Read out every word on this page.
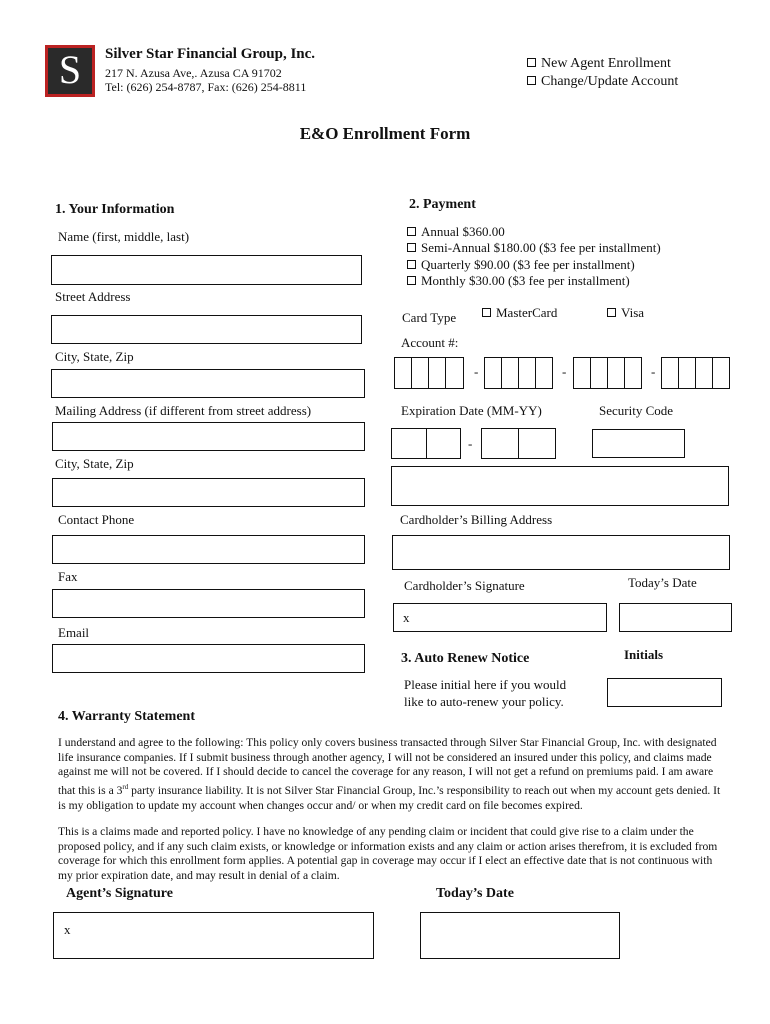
S	Silver Star Financial Group, Inc.
217 N. Azusa Ave,. Azusa CA 91702
Tel: (626) 254-8787, Fax: (626) 254-8811
New Agent Enrollment
Change/Update Account
E&O Enrollment Form
1. Your Information
Name (first, middle, last)
Street Address
City, State, Zip
Mailing Address (if different from street address)
City, State, Zip
Contact Phone
Fax
Email
2. Payment
Annual $360.00
Semi-Annual $180.00 ($3 fee per installment)
Quarterly $90.00 ($3 fee per installment)
Monthly $30.00 ($3 fee per installment)
Card Type	MasterCard	Visa
Account #:
-	-	-
Expiration Date (MM-YY)	Security Code
-
Cardholder’s Billing Address
Cardholder’s Signature	Today’s Date
x
3. Auto Renew Notice	Initials
Please initial here if you would
like to auto-renew your policy.
4. Warranty Statement
I understand and agree to the following: This policy only covers business transacted through Silver Star Financial Group, Inc. with designated life insurance companies. If I submit business through another agency, I will not be considered an insured under this policy, and claims made against me will not be covered. If I should decide to cancel the coverage for any reason, I will not get a refund on premiums paid. I am aware that this is a 3rd party insurance liability. It is not Silver Star Financial Group, Inc.’s responsibility to reach out when my account gets denied. It is my obligation to update my account when changes occur and/ or when my credit card on file becomes expired.
This is a claims made and reported policy. I have no knowledge of any pending claim or incident that could give rise to a claim under the proposed policy, and if any such claim exists, or knowledge or information exists and any claim or action arises therefrom, it is excluded from coverage for which this enrollment form applies. A potential gap in coverage may occur if I elect an effective date that is not continuous with my prior expiration date, and may result in denial of a claim.
Agent’s Signature	Today’s Date
x
